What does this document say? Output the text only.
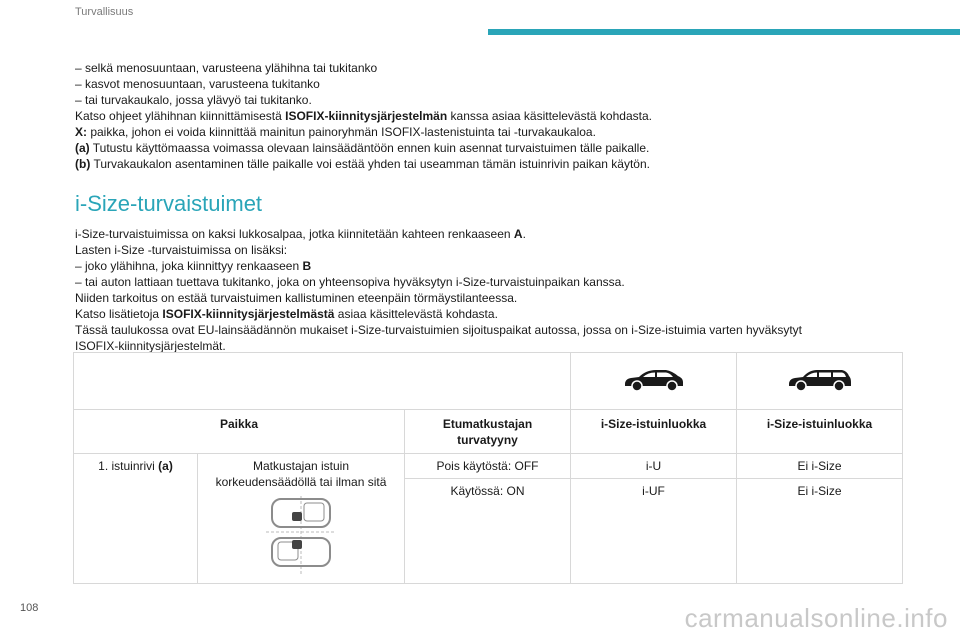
Turvallisuus
– selkä menosuuntaan, varusteena ylähihna tai tukitanko
– kasvot menosuuntaan, varusteena tukitanko
– tai turvakaukalo, jossa ylävyö tai tukitanko.
Katso ohjeet ylähihnan kiinnittämisestä ISOFIX-kiinnitysjärjestelmän kanssa asiaa käsittelevästä kohdasta.
X: paikka, johon ei voida kiinnittää mainitun painoryhmän ISOFIX-lastenistuinta tai -turvakaukaloa.
(a) Tutustu käyttömaassa voimassa olevaan lainsäädäntöön ennen kuin asennat turvaistuimen tälle paikalle.
(b) Turvakaukalon asentaminen tälle paikalle voi estää yhden tai useamman tämän istuinrivin paikan käytön.
i-Size-turvaistuimet
i-Size-turvaistuimissa on kaksi lukkosalpaa, jotka kiinnitetään kahteen renkaaseen A.
Lasten i-Size -turvaistuimissa on lisäksi:
– joko ylähihna, joka kiinnittyy renkaaseen B
– tai auton lattiaan tuettava tukitanko, joka on yhteensopiva hyväksytyn i-Size-turvaistuinpaikan kanssa.
Niiden tarkoitus on estää turvaistuimen kallistuminen eteenpäin törmäystilanteessa.
Katso lisätietoja ISOFIX-kiinnitysjärjestelmästä asiaa käsittelevästä kohdasta.
Tässä taulukossa ovat EU-lainsäädännön mukaiset i-Size-turvaistuimien sijoituspaikat autossa, jossa on i-Size-istuimia varten hyväksytyt
ISOFIX-kiinnitysjärjestelmät.

Paikka		Etumatkustajan turvatyyny	i-Size-istuinluokka	i-Size-istuinluokka
1. istuinrivi (a)	Matkustajan istuin korkeudensäädöllä tai ilman sitä	Pois käytöstä: OFF	i-U	Ei i-Size
		Käytössä: ON	i-UF	Ei i-Size
108	carmanualsonline.info
